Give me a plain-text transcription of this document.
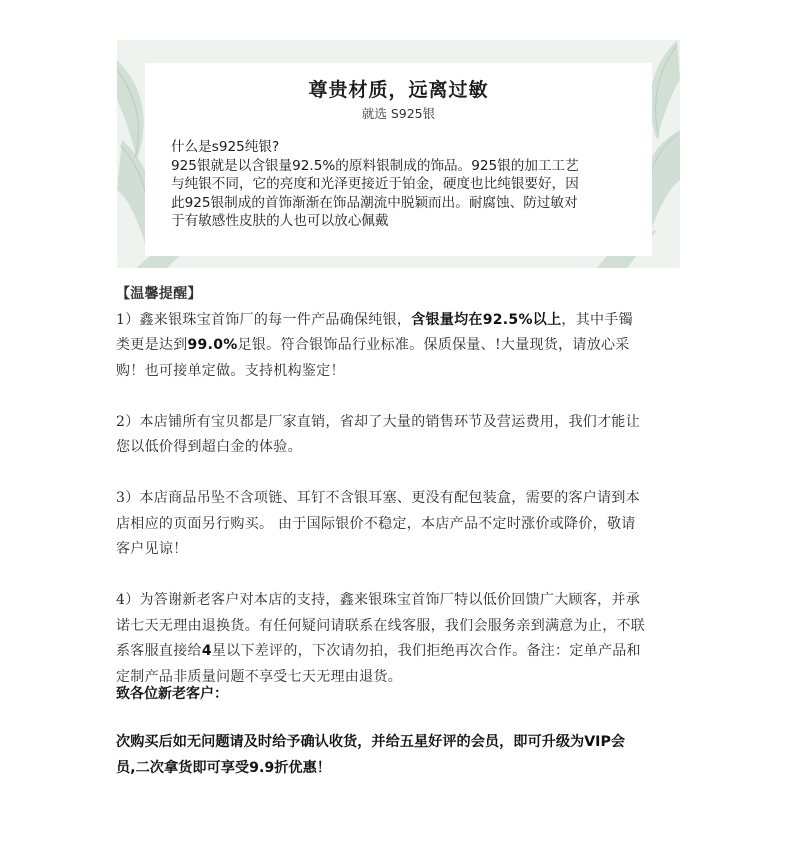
尊贵材质，远离过敏
就选 S925银

什么是s925纯银?

925银就是以含银量92.5%的原料银制成的饰品。925银的加工工艺

与纯银不同，它的亮度和光泽更接近于铂金，硬度也比纯银要好，因

此925银制成的首饰渐渐在饰品潮流中脱颖而出。耐腐蚀、防过敏对

于有敏感性皮肤的人也可以放心佩戴

【温馨提醒】

1）鑫来银珠宝首饰厂的每一件产品确保纯银，含银量均在92.5%以上，其中手镯

类更是达到99.0%足银。符合银饰品行业标准。保质保量、!大量现货，请放心采

购！也可接单定做。支持机构鉴定！

2）本店铺所有宝贝都是厂家直销，省却了大量的销售环节及营运费用，我们才能让

您以低价得到超白金的体验。

3）本店商品吊坠不含项链、耳钉不含银耳塞、更没有配包装盒，需要的客户请到本

店相应的页面另行购买。 由于国际银价不稳定，本店产品不定时涨价或降价，敬请

客户见谅！

4）为答谢新老客户对本店的支持，鑫来银珠宝首饰厂特以低价回馈广大顾客，并承

诺七天无理由退换货。有任何疑问请联系在线客服，我们会服务亲到满意为止，不联

系客服直接给4星以下差评的，下次请勿拍，我们拒绝再次合作。备注：定单产品和

定制产品非质量问题不享受七天无理由退货。

致各位新老客户：
次购买后如无问题请及时给予确认收货，并给五星好评的会员，即可升级为VIP会
员,二次拿货即可享受9.9折优惠！
